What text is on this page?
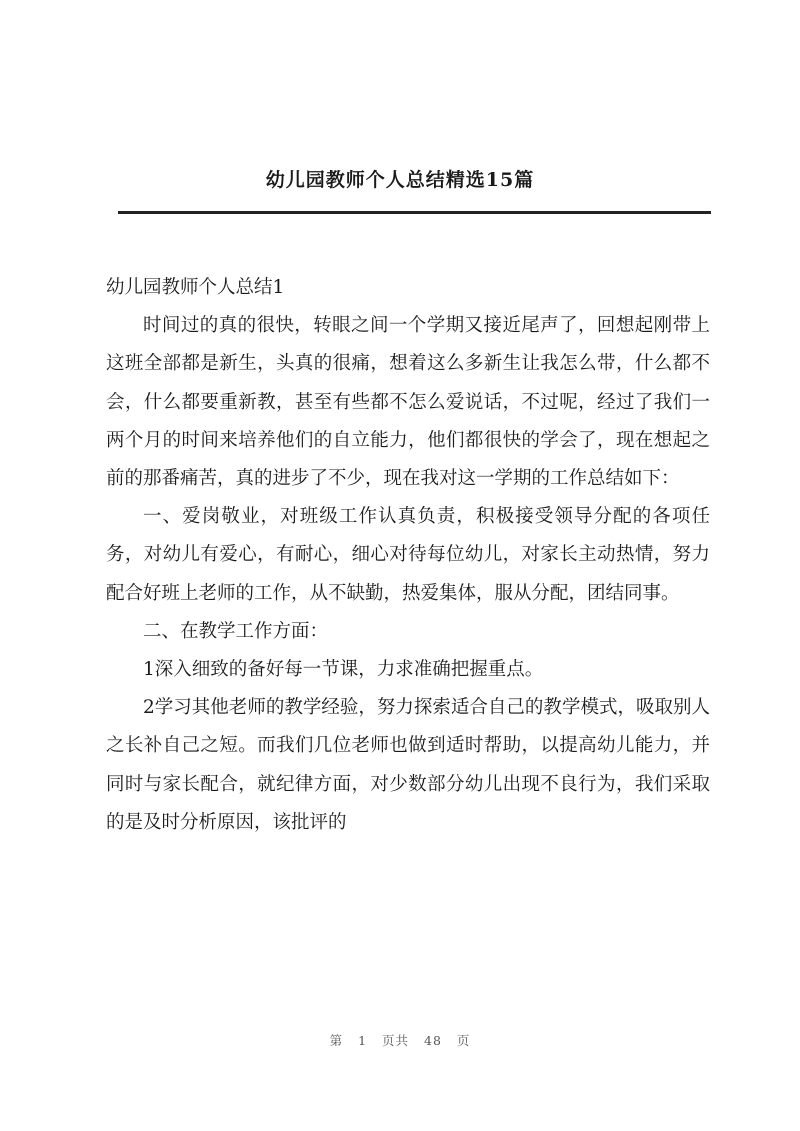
幼儿园教师个人总结精选15篇

幼儿园教师个人总结1

时间过的真的很快，转眼之间一个学期又接近尾声了，回想起刚带上这班全部都是新生，头真的很痛，想着这么多新生让我怎么带，什么都不会，什么都要重新教，甚至有些都不怎么爱说话，不过呢，经过了我们一两个月的时间来培养他们的自立能力，他们都很快的学会了，现在想起之前的那番痛苦，真的进步了不少，现在我对这一学期的工作总结如下：

一、爱岗敬业，对班级工作认真负责，积极接受领导分配的各项任务，对幼儿有爱心，有耐心，细心对待每位幼儿，对家长主动热情，努力配合好班上老师的工作，从不缺勤，热爱集体，服从分配，团结同事。

二、在教学工作方面：

1深入细致的备好每一节课，力求准确把握重点。

2学习其他老师的教学经验，努力探索适合自己的教学模式，吸取别人之长补自己之短。而我们几位老师也做到适时帮助，以提高幼儿能力，并同时与家长配合，就纪律方面，对少数部分幼儿出现不良行为，我们采取的是及时分析原因，该批评的

第 1 页共 48 页
